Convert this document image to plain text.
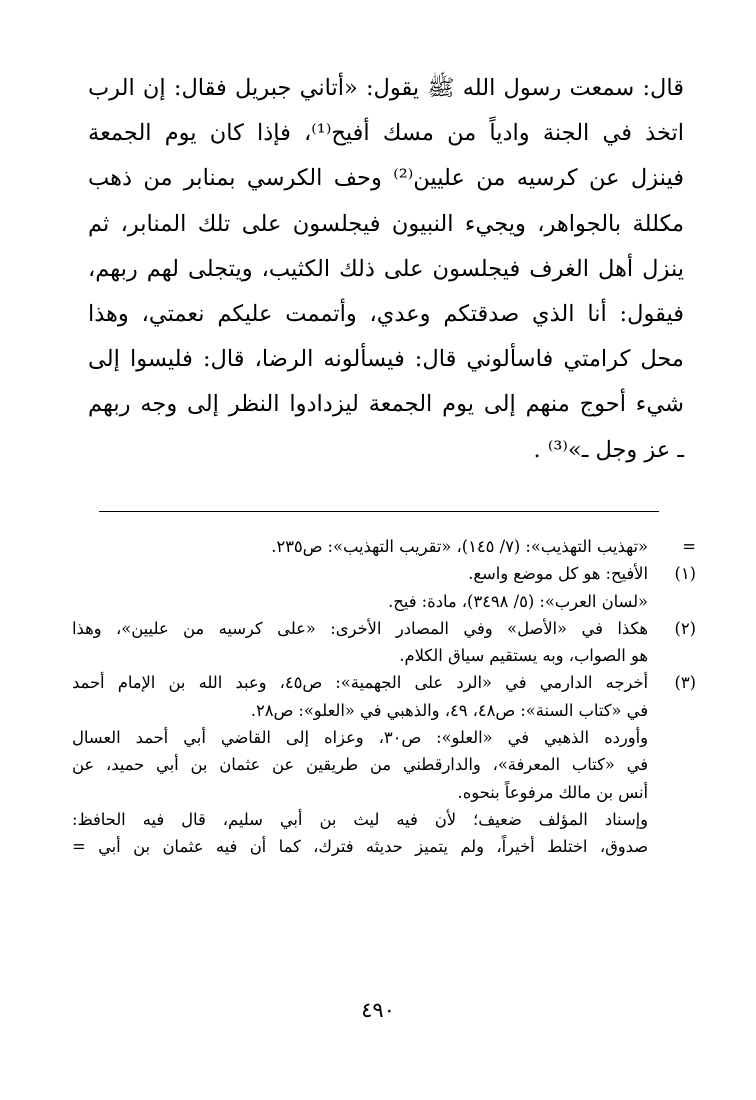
قال: سمعت رسول الله ﷺ يقول: «أتاني جبريل فقال: إن الرب
اتخذ في الجنة وادياً من مسك أفيح⁽¹⁾، فإذا كان يوم الجمعة
فينزل عن كرسيه من عليين⁽²⁾ وحف الكرسي بمنابر من ذهب
مكللة بالجواهر، ويجيء النبيون فيجلسون على تلك المنابر، ثم
ينزل أهل الغرف فيجلسون على ذلك الكثيب، ويتجلى لهم ربهم،
فيقول: أنا الذي صدقتكم وعدي، وأتممت عليكم نعمتي، وهذا
محل كرامتي فاسألوني قال: فيسألونه الرضا، قال: فليسوا إلى
شيء أحوج منهم إلى يوم الجمعة ليزدادوا النظر إلى وجه ربهم
ـ عز وجل ـ»⁽³⁾ .
=
«تهذيب التهذيب»: (٧/ ١٤٥)، «تقريب التهذيب»: ص٢٣٥.
(١)
الأفيح: هو كل موضع واسع.
«لسان العرب»: (٥/ ٣٤٩٨)، مادة: فيح.
(٢)
هكذا في «الأصل» وفي المصادر الأخرى: «على كرسيه من عليين»، وهذا
هو الصواب، وبه يستقيم سياق الكلام.
(٣)
أخرجه الدارمي في «الرد على الجهمية»: ص٤٥، وعبد الله بن الإمام أحمد
في «كتاب السنة»: ص٤٨، ٤٩، والذهبي في «العلو»: ص٢٨.
وأورده الذهبي في «العلو»: ص٣٠، وعزاه إلى القاضي أبي أحمد العسال
في «كتاب المعرفة»، والدارقطني من طريقين عن عثمان بن أبي حميد، عن
أنس بن مالك مرفوعاً بنحوه.
وإسناد المؤلف ضعيف؛ لأن فيه ليث بن أبي سليم، قال فيه الحافظ:
صدوق، اختلط أخيراً، ولم يتميز حديثه فترك، كما أن فيه عثمان بن أبي =
٤٩٠
